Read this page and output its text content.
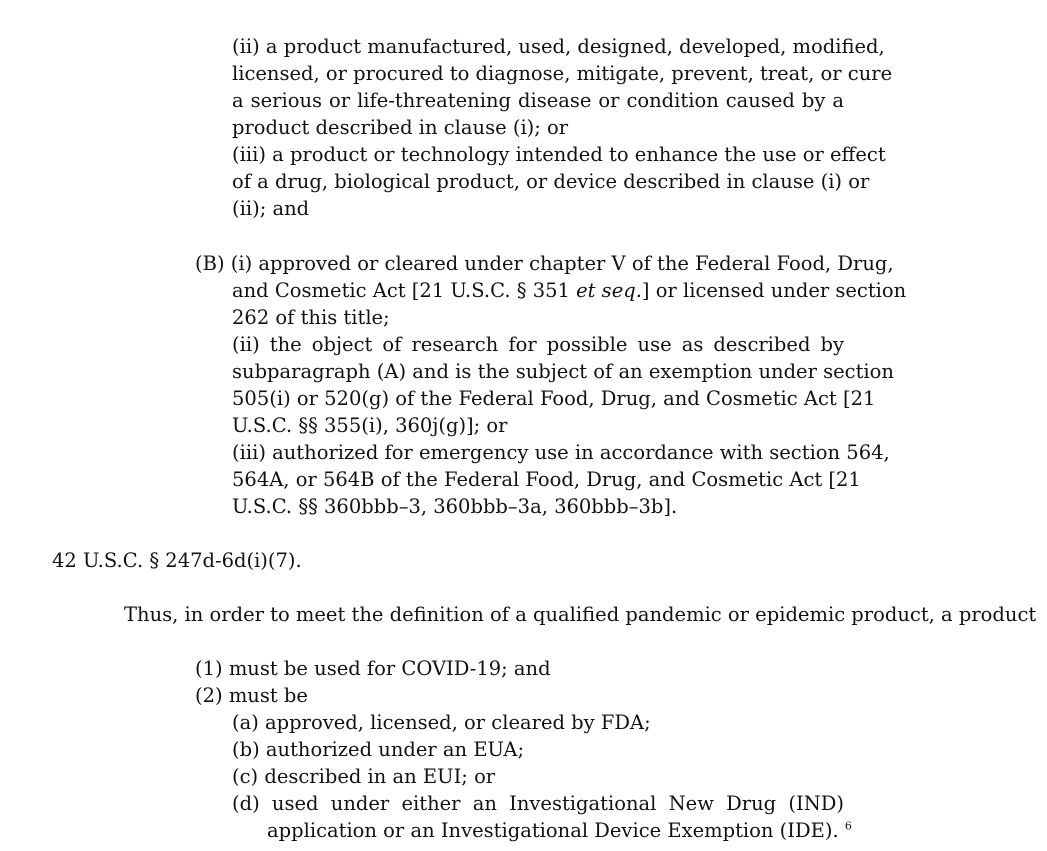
(ii) a product manufactured, used, designed, developed, modified,
licensed, or procured to diagnose, mitigate, prevent, treat, or cure
a serious or life-threatening disease or condition caused by a
product described in clause (i); or
(iii) a product or technology intended to enhance the use or effect
of a drug, biological product, or device described in clause (i) or
(ii); and
(B) (i) approved or cleared under chapter V of the Federal Food, Drug,
and Cosmetic Act [21 U.S.C. § 351 et seq.] or licensed under section
262 of this title;
(ii) the object of research for possible use as described by
subparagraph (A) and is the subject of an exemption under section
505(i) or 520(g) of the Federal Food, Drug, and Cosmetic Act [21
U.S.C. §§ 355(i), 360j(g)]; or
(iii) authorized for emergency use in accordance with section 564,
564A, or 564B of the Federal Food, Drug, and Cosmetic Act [21
U.S.C. §§ 360bbb–3, 360bbb–3a, 360bbb–3b].
42 U.S.C. § 247d-6d(i)(7).
Thus, in order to meet the definition of a qualified pandemic or epidemic product, a product
(1) must be used for COVID-19; and
(2) must be
(a) approved, licensed, or cleared by FDA;
(b) authorized under an EUA;
(c) described in an EUI; or
(d) used under either an Investigational New Drug (IND)
application or an Investigational Device Exemption (IDE). $^6$
